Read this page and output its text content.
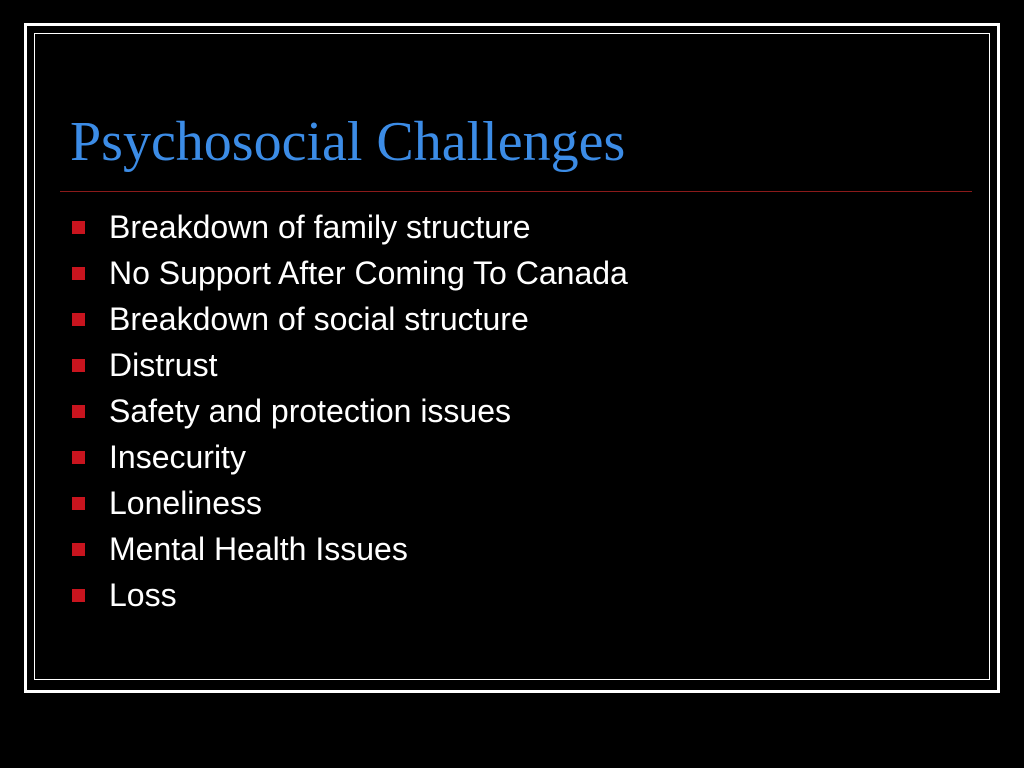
Psychosocial Challenges
Breakdown of family structure
No Support After Coming To Canada
Breakdown of social structure
Distrust
Safety and protection issues
Insecurity
Loneliness
Mental Health Issues
Loss
